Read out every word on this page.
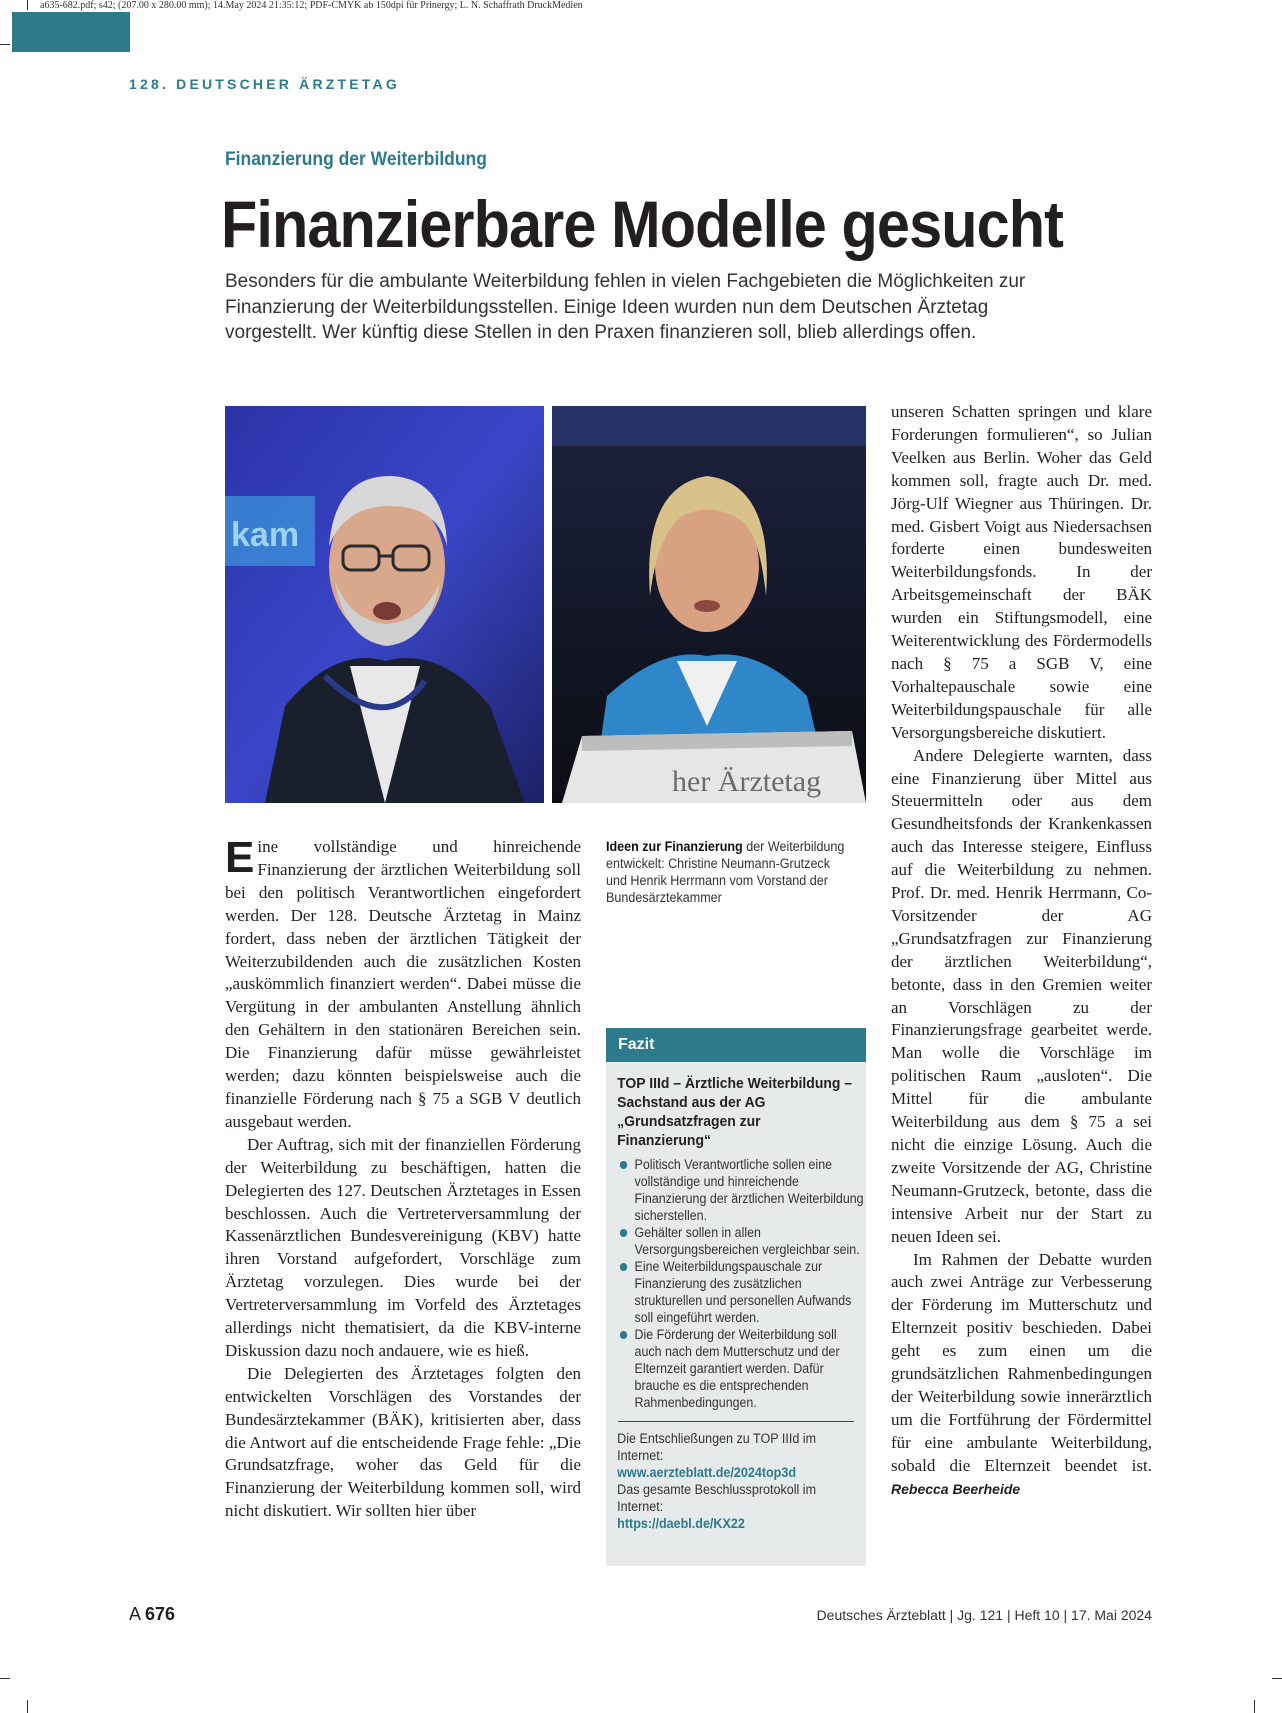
a635-682.pdf; s42; (207.00 x 280.00 mm); 14.May 2024 21:35:12; PDF-CMYK ab 150dpi für Prinergy; L. N. Schaffrath DruckMedien
128. DEUTSCHER ÄRZTETAG
Finanzierung der Weiterbildung
Finanzierbare Modelle gesucht
Besonders für die ambulante Weiterbildung fehlen in vielen Fachgebieten die Möglichkeiten zur Finanzierung der Weiterbildungsstellen. Einige Ideen wurden nun dem Deutschen Ärztetag vorgestellt. Wer künftig diese Stellen in den Praxen finanzieren soll, blieb allerdings offen.
kam
her Ärztetag
Ideen zur Finanzierung der Weiterbildung entwickelt: Christine Neumann-Grutzeck und Henrik Herrmann vom Vorstand der Bundesärztekammer

Eine vollständige und hinreichende Finanzierung der ärztlichen Weiterbildung soll bei den politisch Verantwortlichen eingefordert werden. Der 128. Deutsche Ärztetag in Mainz fordert, dass neben der ärztlichen Tätigkeit der Weiterzubildenden auch die zusätzlichen Kosten „auskömmlich finanziert werden“. Dabei müsse die Vergütung in der ambulanten Anstellung ähnlich den Gehältern in den stationären Bereichen sein. Die Finanzierung dafür müsse gewährleistet werden; dazu könnten beispielsweise auch die finanzielle Förderung nach § 75 a SGB V deutlich ausgebaut werden.

Der Auftrag, sich mit der finanziellen Förderung der Weiterbildung zu beschäftigen, hatten die Delegierten des 127. Deutschen Ärztetages in Essen beschlossen. Auch die Vertreterversammlung der Kassenärztlichen Bundesvereinigung (KBV) hatte ihren Vorstand aufgefordert, Vorschläge zum Ärztetag vorzulegen. Dies wurde bei der Vertreterversammlung im Vorfeld des Ärztetages allerdings nicht thematisiert, da die KBV-interne Diskussion dazu noch andauere, wie es hieß.

Die Delegierten des Ärztetages folgten den entwickelten Vorschlägen des Vorstandes der Bundesärztekammer (BÄK), kritisierten aber, dass die Antwort auf die entscheidende Frage fehle: „Die Grundsatzfrage, woher das Geld für die Finanzierung der Weiterbildung kommen soll, wird nicht diskutiert. Wir sollten hier über

Fazit
TOP IIId – Ärztliche Weiterbildung – Sachstand aus der AG „Grundsatzfragen zur Finanzierung“
Politisch Verantwortliche sollen eine vollständige und hinreichende Finanzierung der ärztlichen Weiterbildung sicherstellen.
Gehälter sollen in allen Versorgungsbereichen vergleichbar sein.
Eine Weiterbildungspauschale zur Finanzierung des zusätzlichen strukturellen und personellen Aufwands soll eingeführt werden.
Die Förderung der Weiterbildung soll auch nach dem Mutterschutz und der Elternzeit garantiert werden. Dafür brauche es die entsprechenden Rahmenbedingungen.
Die Entschließungen zu TOP IIId im Internet:
www.aerzteblatt.de/2024top3d
Das gesamte Beschlussprotokoll im Internet:
https://daebl.de/KX22

unseren Schatten springen und klare Forderungen formulieren“, so Julian Veelken aus Berlin. Woher das Geld kommen soll, fragte auch Dr. med. Jörg-Ulf Wiegner aus Thüringen. Dr. med. Gisbert Voigt aus Niedersachsen forderte einen bundesweiten Weiterbildungsfonds. In der Arbeitsgemeinschaft der BÄK wurden ein Stiftungsmodell, eine Weiterentwicklung des Fördermodells nach § 75 a SGB V, eine Vorhaltepauschale sowie eine Weiterbildungspauschale für alle Versorgungsbereiche diskutiert.

Andere Delegierte warnten, dass eine Finanzierung über Mittel aus Steuermitteln oder aus dem Gesundheitsfonds der Krankenkassen auch das Interesse steigere, Einfluss auf die Weiterbildung zu nehmen. Prof. Dr. med. Henrik Herrmann, Co-Vorsitzender der AG „Grundsatzfragen zur Finanzierung der ärztlichen Weiterbildung“, betonte, dass in den Gremien weiter an Vorschlägen zu der Finanzierungsfrage gearbeitet werde. Man wolle die Vorschläge im politischen Raum „ausloten“. Die Mittel für die ambulante Weiterbildung aus dem § 75 a sei nicht die einzige Lösung. Auch die zweite Vorsitzende der AG, Christine Neumann-Grutzeck, betonte, dass die intensive Arbeit nur der Start zu neuen Ideen sei.

Im Rahmen der Debatte wurden auch zwei Anträge zur Verbesserung der Förderung im Mutterschutz und Elternzeit positiv beschieden. Dabei geht es zum einen um die grundsätzlichen Rahmenbedingungen der Weiterbildung sowie innerärztlich um die Fortführung der Fördermittel für eine ambulante Weiterbildung, sobald die Elternzeit beendet ist. Rebecca Beerheide

A 676	Deutsches Ärzteblatt | Jg. 121 | Heft 10 | 17. Mai 2024
